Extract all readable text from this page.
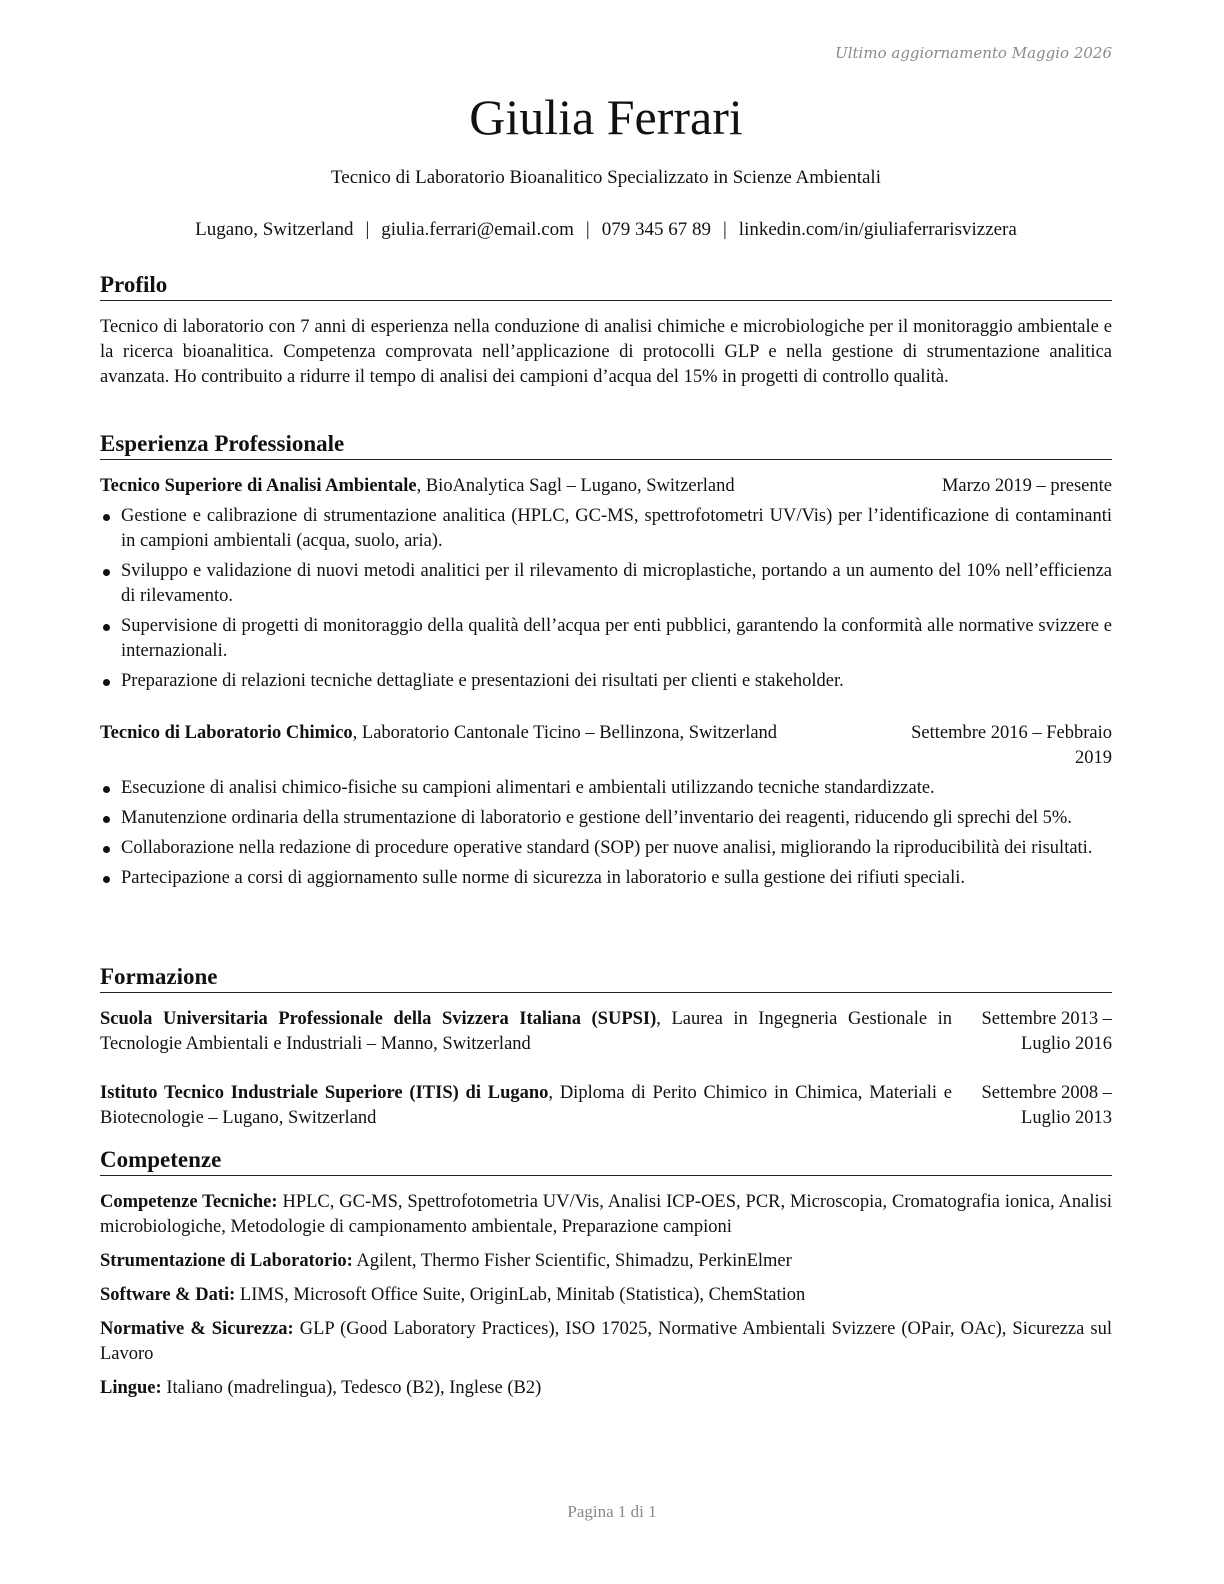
Ultimo aggiornamento Maggio 2026
Giulia Ferrari
Tecnico di Laboratorio Bioanalitico Specializzato in Scienze Ambientali
Lugano, Switzerland | giulia.ferrari@email.com | 079 345 67 89 | linkedin.com/in/giuliaferrarisvizzera
Profilo

Tecnico di laboratorio con 7 anni di esperienza nella conduzione di analisi chimiche e microbiologiche per il monitoraggio ambientale e la ricerca bioanalitica. Competenza comprovata nell’applicazione di protocolli GLP e nella gestione di strumentazione analitica avanzata. Ho contribuito a ridurre il tempo di analisi dei campioni d’acqua del 15% in progetti di controllo qualità.

Esperienza Professionale
Tecnico Superiore di Analisi Ambientale, BioAnalytica Sagl – Lugano, Switzerland	Marzo 2019 – presente
Gestione e calibrazione di strumentazione analitica (HPLC, GC-MS, spettrofotometri UV/Vis) per l’identificazione di contaminanti in campioni ambientali (acqua, suolo, aria).
Sviluppo e validazione di nuovi metodi analitici per il rilevamento di microplastiche, portando a un aumento del 10% nell’efficienza di rilevamento.
Supervisione di progetti di monitoraggio della qualità dell’acqua per enti pubblici, garantendo la conformità alle normative svizzere e internazionali.
Preparazione di relazioni tecniche dettagliate e presentazioni dei risultati per clienti e stakeholder.
Tecnico di Laboratorio Chimico, Laboratorio Cantonale Ticino – Bellinzona, Switzerland	Settembre 2016 – Febbraio 2019
Esecuzione di analisi chimico-fisiche su campioni alimentari e ambientali utilizzando tecniche standardizzate.
Manutenzione ordinaria della strumentazione di laboratorio e gestione dell’inventario dei reagenti, riducendo gli sprechi del 5%.
Collaborazione nella redazione di procedure operative standard (SOP) per nuove analisi, migliorando la riproducibilità dei risultati.
Partecipazione a corsi di aggiornamento sulle norme di sicurezza in laboratorio e sulla gestione dei rifiuti speciali.
Formazione
Scuola Universitaria Professionale della Svizzera Italiana (SUPSI), Laurea in Ingegneria Gestionale in Tecnologie Ambientali e Industriali – Manno, Switzerland
Settembre 2013 – Luglio 2016
Istituto Tecnico Industriale Superiore (ITIS) di Lugano, Diploma di Perito Chimico in Chimica, Materiali e Biotecnologie – Lugano, Switzerland
Settembre 2008 – Luglio 2013
Competenze

Competenze Tecniche: HPLC, GC-MS, Spettrofotometria UV/Vis, Analisi ICP-OES, PCR, Microscopia, Cromatografia ionica, Analisi microbiologiche, Metodologie di campionamento ambientale, Preparazione campioni

Strumentazione di Laboratorio: Agilent, Thermo Fisher Scientific, Shimadzu, PerkinElmer

Software & Dati: LIMS, Microsoft Office Suite, OriginLab, Minitab (Statistica), ChemStation

Normative & Sicurezza: GLP (Good Laboratory Practices), ISO 17025, Normative Ambientali Svizzere (OPair, OAc), Sicurezza sul Lavoro

Lingue: Italiano (madrelingua), Tedesco (B2), Inglese (B2)

Pagina 1 di 1
